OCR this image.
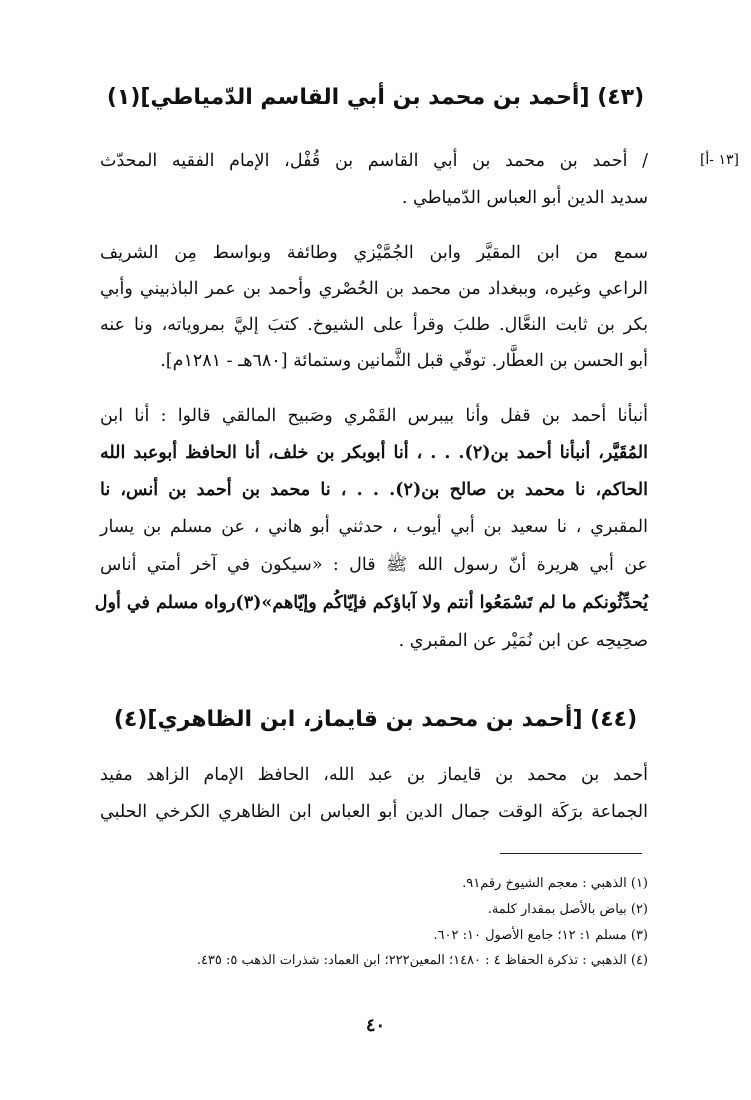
(٤٣) [أحمد بن محمد بن أبي القاسم الدّمياطي](١)
[١٣ -أ]
/ أحمد بن محمد بن أبي القاسم بن قُفْل، الإمام الفقيه المحدّث
سديد الدين أبو العباس الدّمياطي .
سمع من ابن المقيَّر وابن الجُمَّيْزي وطائفة وبواسط مِن الشريف
الراعي وغيره، وببغداد من محمد بن الحُصْري وأحمد بن عمر الباذبيني وأبي
بكر بن ثابت النعَّال. طلبَ وقرأ على الشيوخ. كتبَ إليَّ بمروياته، ونا عنه
أبو الحسن بن العطَّار. توفّي قبل الثَّمانين وستمائة [٦٨٠هـ - ١٢٨١م].
أنبأنا أحمد بن قفل وأنا بيبرس القَمْري وصَبيح المالقي قالوا : أنا ابن
المُقَيَّر، أنبأنا أحمد بن(٢). . . ، أنا أبوبكر بن خلف، أنا الحافظ أبوعبد الله
الحاكم، نا محمد بن صالح بن(٢). . . ، نا محمد بن أحمد بن أنس، نا
المقبري ، نا سعيد بن أبي أيوب ، حدثني أبو هاني ، عن مسلم بن يسار
عن أبي هريرة أنّ رسول الله ﷺ قال : «سيكون في آخر أمتي أناس
يُحدِّثُونكم ما لم تَسْمَعُوا أنتم ولا آباؤكم فإيّاكُم وإيّاهم»(٣)رواه مسلم في أول
صحِيحِه عن ابن نُمَيْر عن المقبري .
(٤٤) [أحمد بن محمد بن قايماز، ابن الظاهري](٤)
أحمد بن محمد بن قايماز بن عبد الله، الحافظ الإمام الزاهد مفيد
الجماعة برَكَة الوقت جمال الدين أبو العباس ابن الظاهري الكرخي الحلبي
(١) الذهبي : معجم الشيوخ رقم٩١.
(٢) بياض بالأصل بمقدار كلمة.
(٣) مسلم ١: ١٢؛ جامع الأصول ١٠: ٦٠٢.
(٤) الذهبي : تذكرة الحفاظ ٤ : ١٤٨٠؛ المعين٢٢٢؛ ابن العماد: شذرات الذهب ٥: ٤٣٥.
٤٠
